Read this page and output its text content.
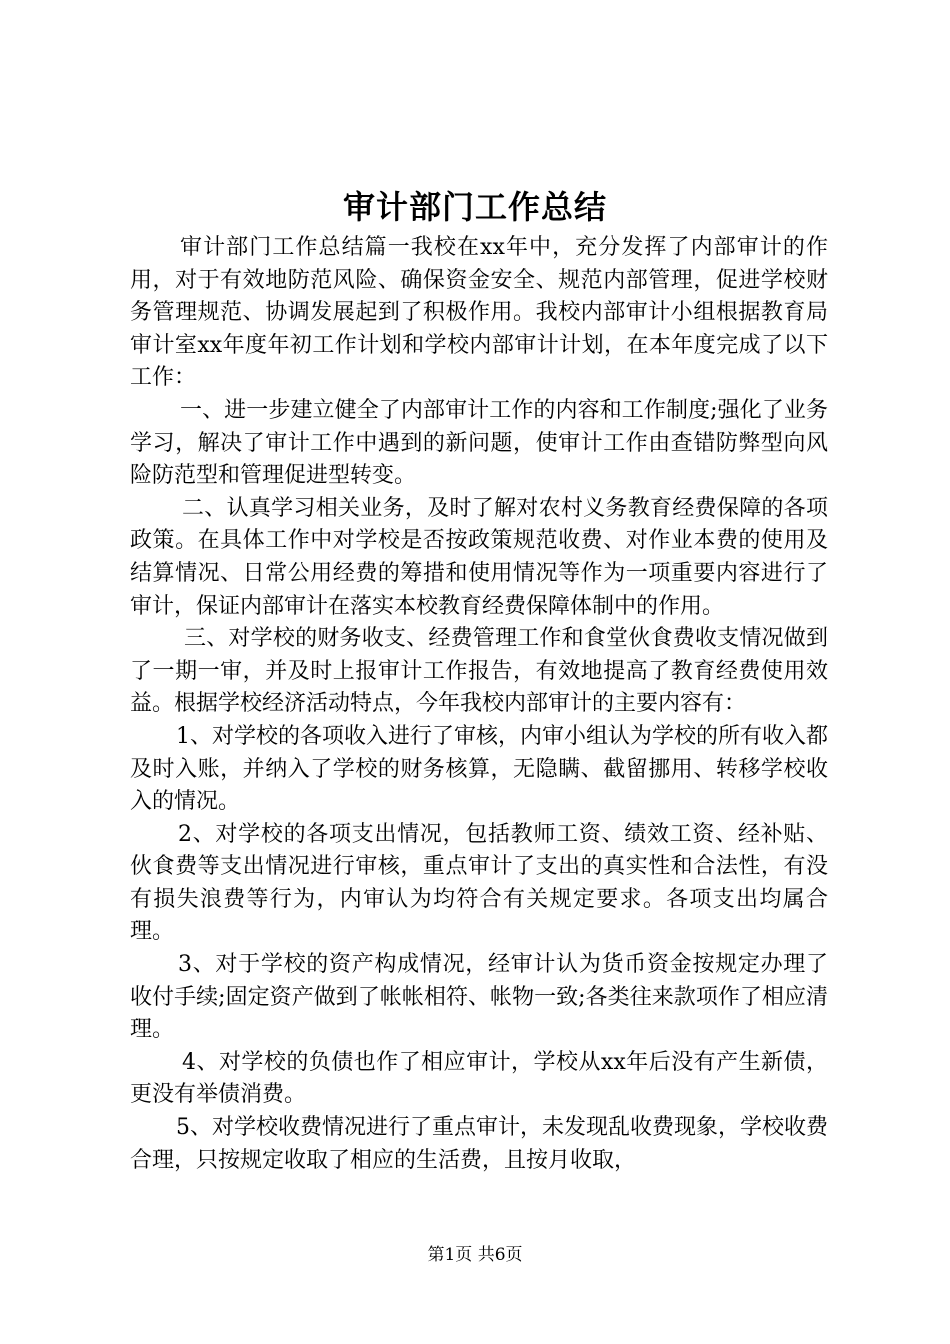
审计部门工作总结

审计部门工作总结篇一我校在xx年中，充分发挥了内部审计的作用，对于有效地防范风险、确保资金安全、规范内部管理，促进学校财务管理规范、协调发展起到了积极作用。我校内部审计小组根据教育局审计室xx年度年初工作计划和学校内部审计计划，在本年度完成了以下工作：

一、进一步建立健全了内部审计工作的内容和工作制度;强化了业务学习，解决了审计工作中遇到的新问题，使审计工作由查错防弊型向风险防范型和管理促进型转变。

二、认真学习相关业务，及时了解对农村义务教育经费保障的各项政策。在具体工作中对学校是否按政策规范收费、对作业本费的使用及结算情况、日常公用经费的筹措和使用情况等作为一项重要内容进行了审计，保证内部审计在落实本校教育经费保障体制中的作用。

三、对学校的财务收支、经费管理工作和食堂伙食费收支情况做到了一期一审，并及时上报审计工作报告，有效地提高了教育经费使用效益。根据学校经济活动特点，今年我校内部审计的主要内容有：

1、对学校的各项收入进行了审核，内审小组认为学校的所有收入都及时入账，并纳入了学校的财务核算，无隐瞒、截留挪用、转移学校收入的情况。

2、对学校的各项支出情况，包括教师工资、绩效工资、经补贴、伙食费等支出情况进行审核，重点审计了支出的真实性和合法性，有没有损失浪费等行为，内审认为均符合有关规定要求。各项支出均属合理。

3、对于学校的资产构成情况，经审计认为货币资金按规定办理了收付手续;固定资产做到了帐帐相符、帐物一致;各类往来款项作了相应清理。

4、对学校的负债也作了相应审计，学校从xx年后没有产生新债，更没有举债消费。

5、对学校收费情况进行了重点审计，未发现乱收费现象，学校收费合理，只按规定收取了相应的生活费，且按月收取，

第1页 共6页
